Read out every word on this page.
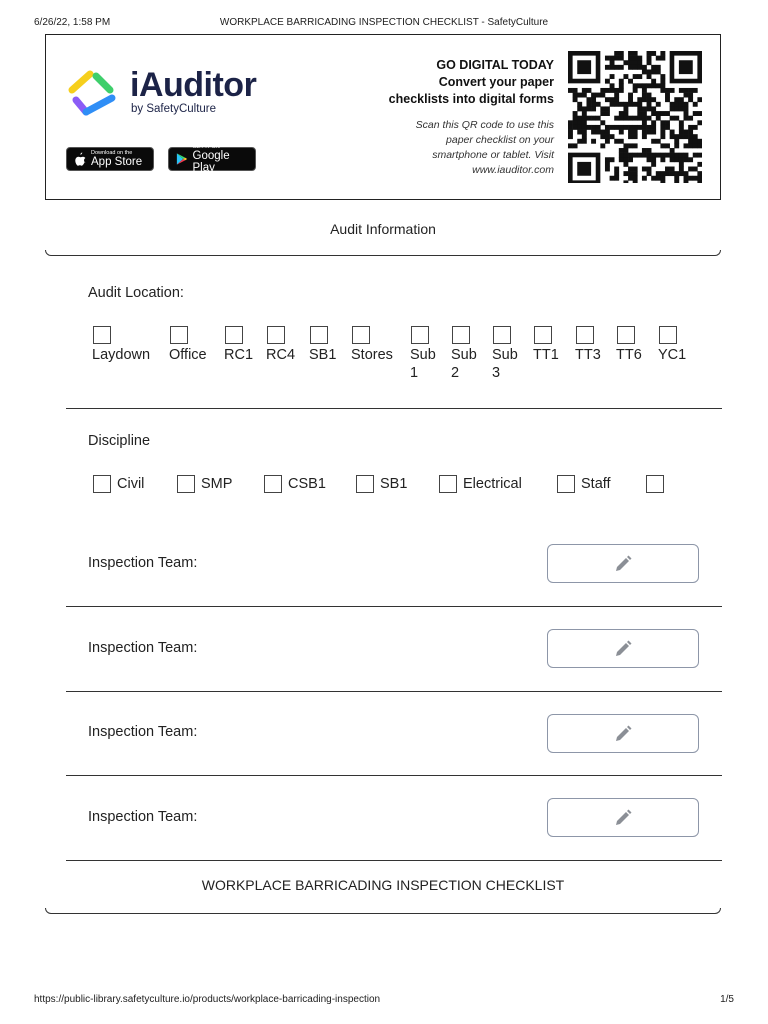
6/26/22, 1:58 PM	WORKPLACE BARRICADING INSPECTION CHECKLIST - SafetyCulture
iAuditor
by SafetyCulture
Download on the
App Store
GET IT ON
Google Play
GO DIGITAL TODAY
Convert your paper
checklists into digital forms
Scan this QR code to use this
paper checklist on your
smartphone or tablet. Visit
www.iauditor.com
Audit Information
Audit Location:
Laydown Office RC1 RC4 SB1 Stores Sub
1
Sub
2
Sub
3
TT1 TT3 TT6 YC1
Discipline
Civil	SMP	CSB1	SB1	Electrical	Staff
Inspection Team:
Inspection Team:
Inspection Team:
Inspection Team:
WORKPLACE BARRICADING INSPECTION CHECKLIST
https://public-library.safetyculture.io/products/workplace-barricading-inspection	1/5
